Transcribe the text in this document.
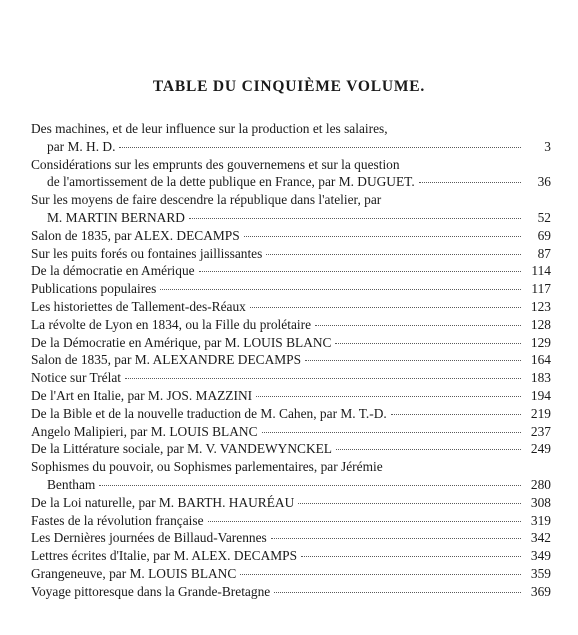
TABLE DU CINQUIÈME VOLUME.
Des machines, et de leur influence sur la production et les salaires,
par M. H. D.	3
Considérations sur les emprunts des gouvernemens et sur la question
de l'amortissement de la dette publique en France, par M. DUGUET.	36
Sur les moyens de faire descendre la république dans l'atelier, par
M. MARTIN BERNARD	52
Salon de 1835, par ALEX. DECAMPS	69
Sur les puits forés ou fontaines jaillissantes	87
De la démocratie en Amérique	114
Publications populaires	117
Les historiettes de Tallement-des-Réaux	123
La révolte de Lyon en 1834, ou la Fille du prolétaire	128
De la Démocratie en Amérique, par M. LOUIS BLANC	129
Salon de 1835, par M. ALEXANDRE DECAMPS	164
Notice sur Trélat	183
De l'Art en Italie, par M. JOS. MAZZINI	194
De la Bible et de la nouvelle traduction de M. Cahen, par M. T.-D.	219
Angelo Malipieri, par M. LOUIS BLANC	237
De la Littérature sociale, par M. V. VANDEWYNCKEL	249
Sophismes du pouvoir, ou Sophismes parlementaires, par Jérémie
Bentham	280
De la Loi naturelle, par M. BARTH. HAURÉAU	308
Fastes de la révolution française	319
Les Dernières journées de Billaud-Varennes	342
Lettres écrites d'Italie, par M. ALEX. DECAMPS	349
Grangeneuve, par M. LOUIS BLANC	359
Voyage pittoresque dans la Grande-Bretagne	369
